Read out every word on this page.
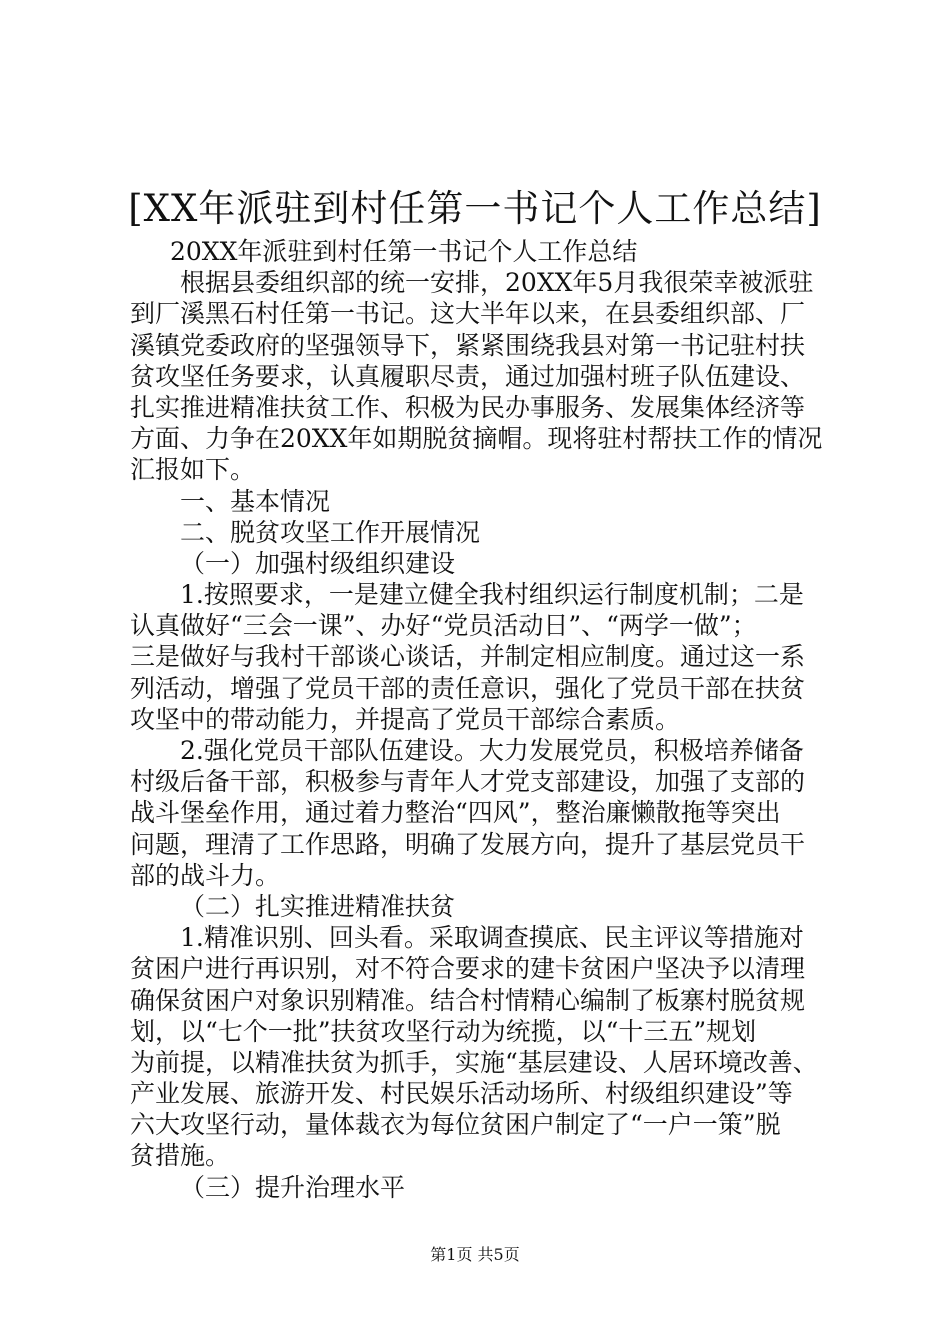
[XX年派驻到村任第一书记个人工作总结]
20XX年派驻到村任第一书记个人工作总结
根据县委组织部的统一安排，20XX年5月我很荣幸被派驻
到厂溪黑石村任第一书记。这大半年以来，在县委组织部、厂
溪镇党委政府的坚强领导下，紧紧围绕我县对第一书记驻村扶
贫攻坚任务要求，认真履职尽责，通过加强村班子队伍建设、
扎实推进精准扶贫工作、积极为民办事服务、发展集体经济等
方面、力争在20XX年如期脱贫摘帽。现将驻村帮扶工作的情况
汇报如下。
一、基本情况
二、脱贫攻坚工作开展情况
（一）加强村级组织建设
1.按照要求，一是建立健全我村组织运行制度机制；二是
认真做好“三会一课”、办好“党员活动日”、“两学一做”；
三是做好与我村干部谈心谈话，并制定相应制度。通过这一系
列活动，增强了党员干部的责任意识，强化了党员干部在扶贫
攻坚中的带动能力，并提高了党员干部综合素质。
2.强化党员干部队伍建设。大力发展党员，积极培养储备
村级后备干部，积极参与青年人才党支部建设，加强了支部的
战斗堡垒作用，通过着力整治“四风”，整治廉懒散拖等突出
问题，理清了工作思路，明确了发展方向，提升了基层党员干
部的战斗力。
（二）扎实推进精准扶贫
1.精准识别、回头看。采取调查摸底、民主评议等措施对
贫困户进行再识别，对不符合要求的建卡贫困户坚决予以清理
确保贫困户对象识别精准。结合村情精心编制了板寨村脱贫规
划，以“七个一批”扶贫攻坚行动为统揽，以“十三五”规划
为前提，以精准扶贫为抓手，实施“基层建设、人居环境改善、
产业发展、旅游开发、村民娱乐活动场所、村级组织建设”等
六大攻坚行动，量体裁衣为每位贫困户制定了“一户一策”脱
贫措施。
（三）提升治理水平
第1页 共5页
